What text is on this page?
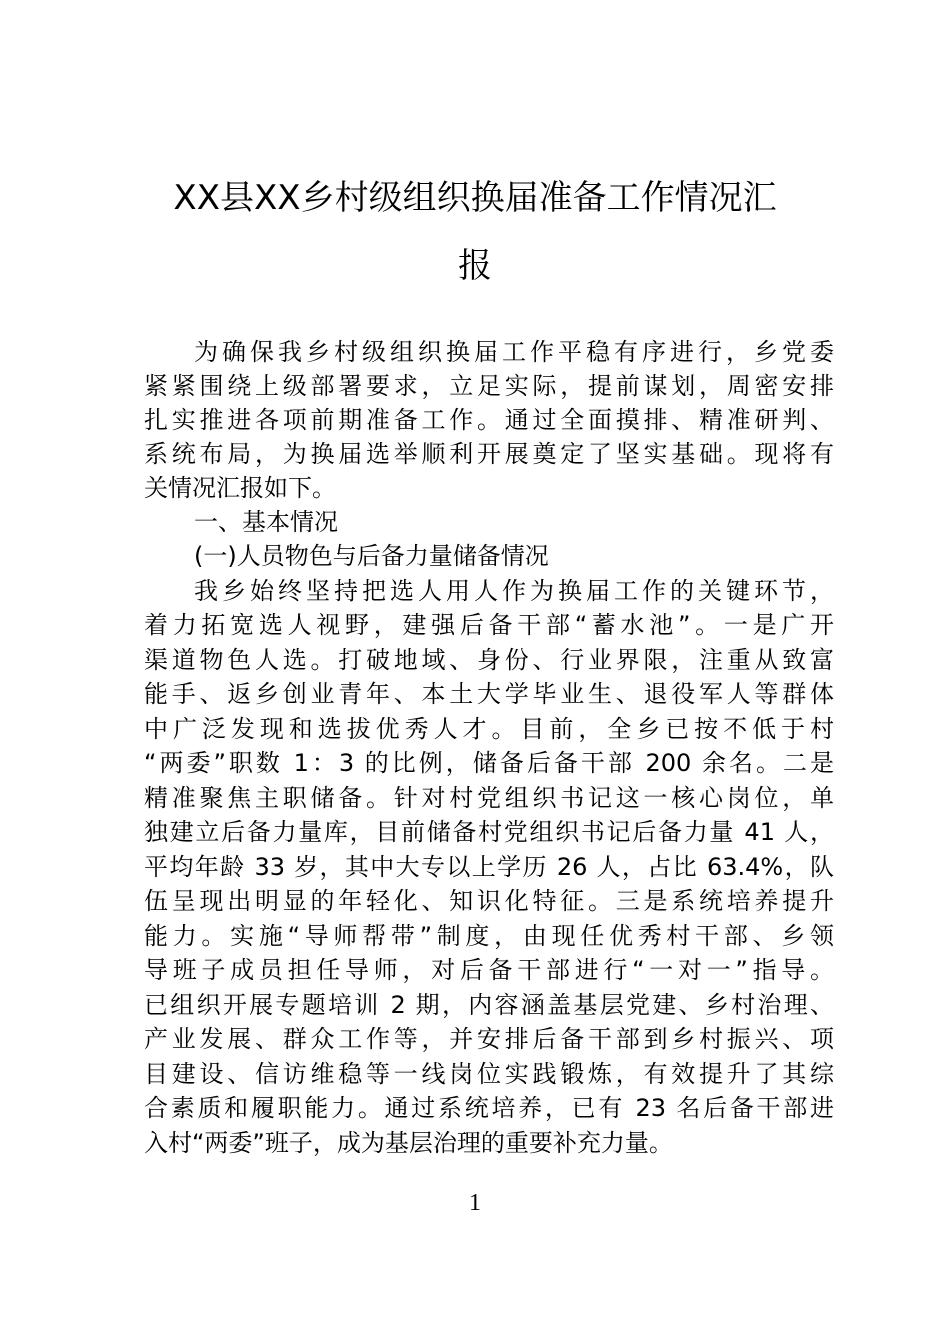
XX县XX乡村级组织换届准备工作情况汇
报
为确保我乡村级组织换届工作平稳有序进行，乡党委
紧紧围绕上级部署要求，立足实际，提前谋划，周密安排
扎实推进各项前期准备工作。通过全面摸排、精准研判、
系统布局，为换届选举顺利开展奠定了坚实基础。现将有
关情况汇报如下。
一、基本情况
(一)人员物色与后备力量储备情况
我乡始终坚持把选人用人作为换届工作的关键环节，
着力拓宽选人视野，建强后备干部“蓄水池”。一是广开
渠道物色人选。打破地域、身份、行业界限，注重从致富
能手、返乡创业青年、本土大学毕业生、退役军人等群体
中广泛发现和选拔优秀人才。目前，全乡已按不低于村
“两委”职数 1：3 的比例，储备后备干部 200 余名。二是
精准聚焦主职储备。针对村党组织书记这一核心岗位，单
独建立后备力量库，目前储备村党组织书记后备力量 41 人，
平均年龄 33 岁，其中大专以上学历 26 人，占比 63.4%，队
伍呈现出明显的年轻化、知识化特征。三是系统培养提升
能力。实施“导师帮带”制度，由现任优秀村干部、乡领
导班子成员担任导师，对后备干部进行“一对一”指导。
已组织开展专题培训 2 期，内容涵盖基层党建、乡村治理、
产业发展、群众工作等，并安排后备干部到乡村振兴、项
目建设、信访维稳等一线岗位实践锻炼，有效提升了其综
合素质和履职能力。通过系统培养，已有 23 名后备干部进
入村“两委”班子，成为基层治理的重要补充力量。
1
